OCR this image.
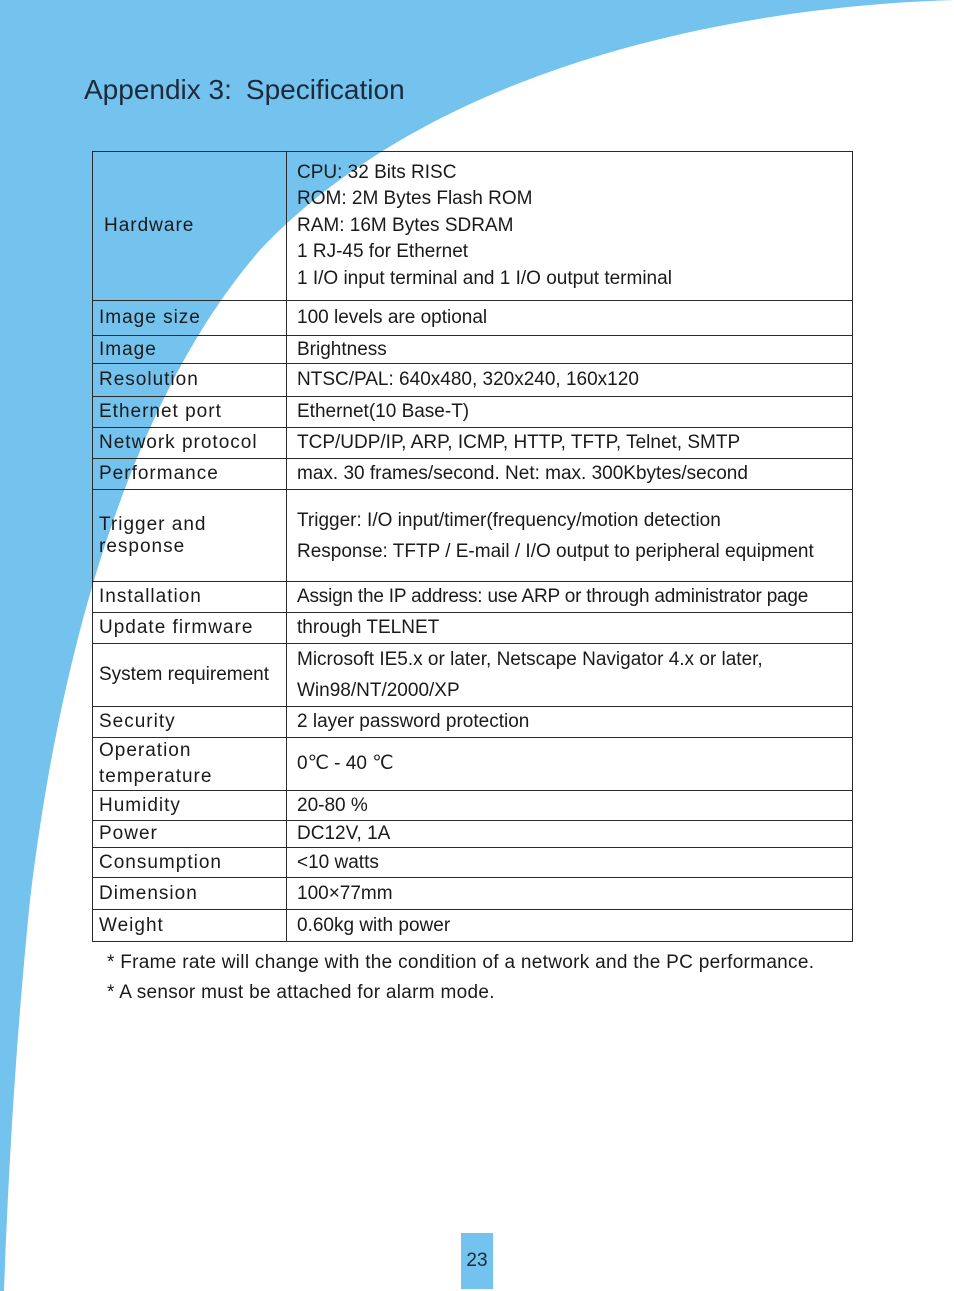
Appendix 3: Specification
Hardware	CPU: 32 Bits RISC
ROM: 2M Bytes Flash ROM
RAM: 16M Bytes SDRAM
1 RJ-45 for Ethernet
1 I/O input terminal and 1 I/O output terminal

Image size	100 levels are optional
Image	Brightness
Resolution	NTSC/PAL: 640x480, 320x240, 160x120
Ethernet port	Ethernet(10 Base-T)
Network protocol	TCP/UDP/IP, ARP, ICMP, HTTP, TFTP, Telnet, SMTP
Performance	max. 30 frames/second. Net: max. 300Kbytes/second
Trigger and response	Trigger: I/O input/timer(frequency/motion detection
Response: TFTP / E-mail / I/O output to peripheral equipment

Installation	Assign the IP address: use ARP or through administrator page
Update firmware	through TELNET
System requirement	Microsoft IE5.x or later, Netscape Navigator 4.x or later, Win98/NT/2000/XP
Security	2 layer password protection
Operation temperature	0℃ - 40 ℃
Humidity	20-80 %
Power	DC12V, 1A
Consumption	<10 watts
Dimension	100×77mm
Weight	0.60kg with power
* Frame rate will change with the condition of a network and the PC performance.
* A sensor must be attached for alarm mode.
23
